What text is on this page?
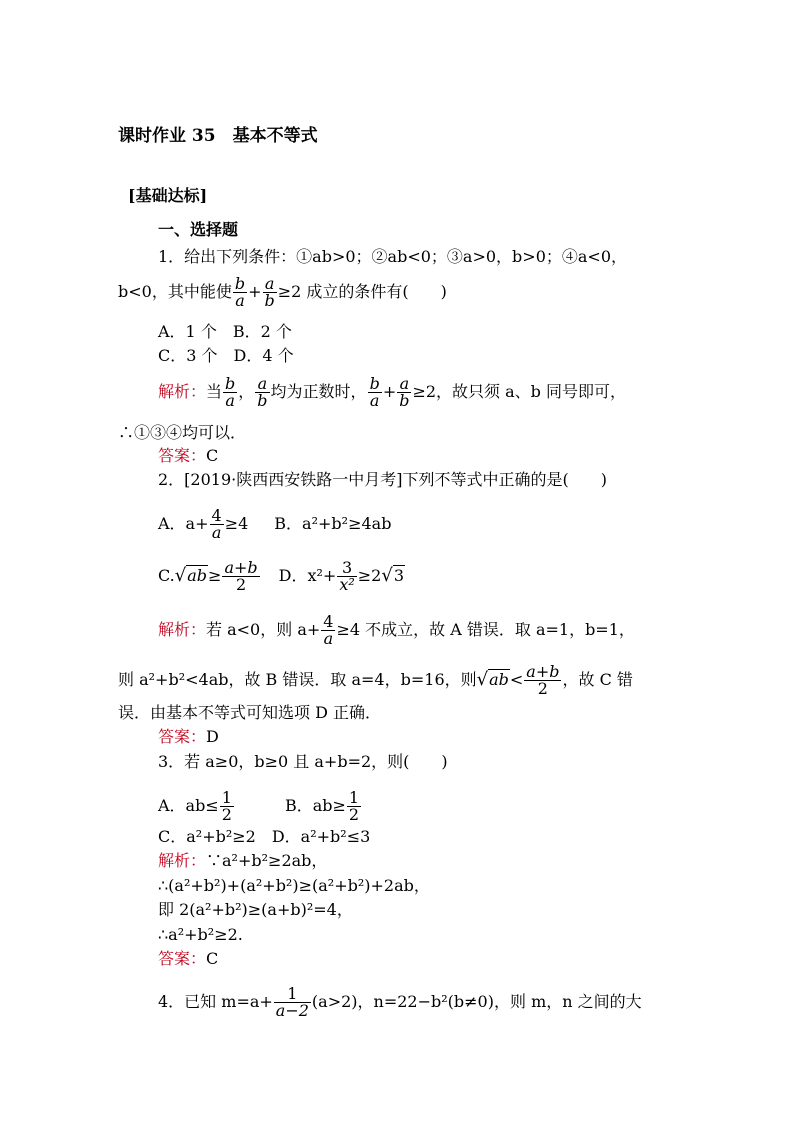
课时作业 35　基本不等式
[基础达标]
一、选择题
1．给出下列条件：①ab>0；②ab<0；③a>0，b>0；④a<0，
b<0，其中能使 $\frac{b}{a} + \frac{a}{b} \ge 2$ 成立的条件有(　　)
A．1 个　B．2 个
C．3 个　D．4 个
解析：当 $\frac{b}{a}$ ， $\frac{a}{b}$ 均为正数时， $\frac{b}{a} + \frac{a}{b} \ge 2$，故只须 a、b 同号即可，
∴①③④均可以．
答案：C
2．[2019·陕西西安铁路一中月考]下列不等式中正确的是(　　)
A．$a+ \frac{4}{a} \ge 4$ B．a²+b²≥4ab
$C.√ab\ge \frac{a+b}{2}$ D．$x^2+ \frac{3}{\text{x²}} \ge 2√3$
解析：若 a<0，则 $a+ \frac{4}{a} \ge 4$ 不成立，故 A 错误．取 a=1，b=1，
则 a²+b²<4ab，故 B 错误．取 a=4，b=16，则$√ab< \frac{a+b}{2}$ ，故 C 错
误．由基本不等式可知选项 D 正确．
答案：D
3．若 a≥0，b≥0 且 a+b=2，则(　　)
A．$ab\le \frac{1}{2}$	B．$ab\ge \frac{1}{2}$
C．a²+b²≥2　D．a²+b²≤3
解析：∵a²+b²≥2ab，
∴(a²+b²)+(a²+b²)≥(a²+b²)+2ab，
即 2(a²+b²)≥(a+b)²=4，
∴a²+b²≥2.
答案：C
4．已知 $m=a+ \frac{1}{a-2} (a>2)$，n=22−b²(b≠0)，则 m，n 之间的大
